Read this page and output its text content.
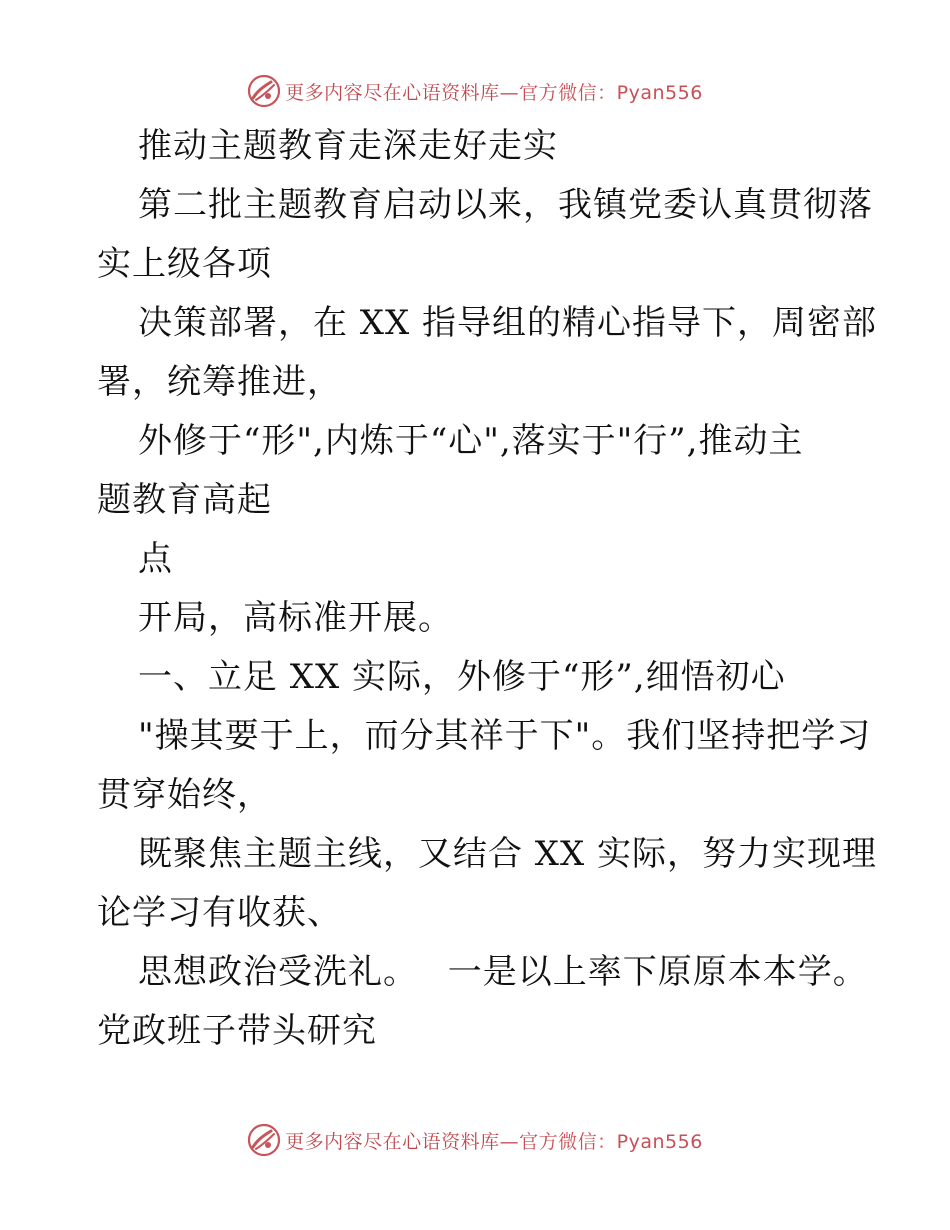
更多内容尽在心语资料库—官方微信：Pyan556
推动主题教育走深走好走实
第二批主题教育启动以来，我镇党委认真贯彻落
实上级各项
决策部署，在 XX 指导组的精心指导下，周密部
署，统筹推进，
外修于“形",内炼于“心",落实于"行”,推动主
题教育高起
点
开局，高标准开展。
一、立足 XX 实际，外修于“形”,细悟初心
"操其要于上，而分其祥于下"。我们坚持把学习
贯穿始终，
既聚焦主题主线，又结合 XX 实际，努力实现理
论学习有收获、
思想政治受洗礼。　 一是以上率下原原本本学。
党政班子带头研究
更多内容尽在心语资料库—官方微信：Pyan556
